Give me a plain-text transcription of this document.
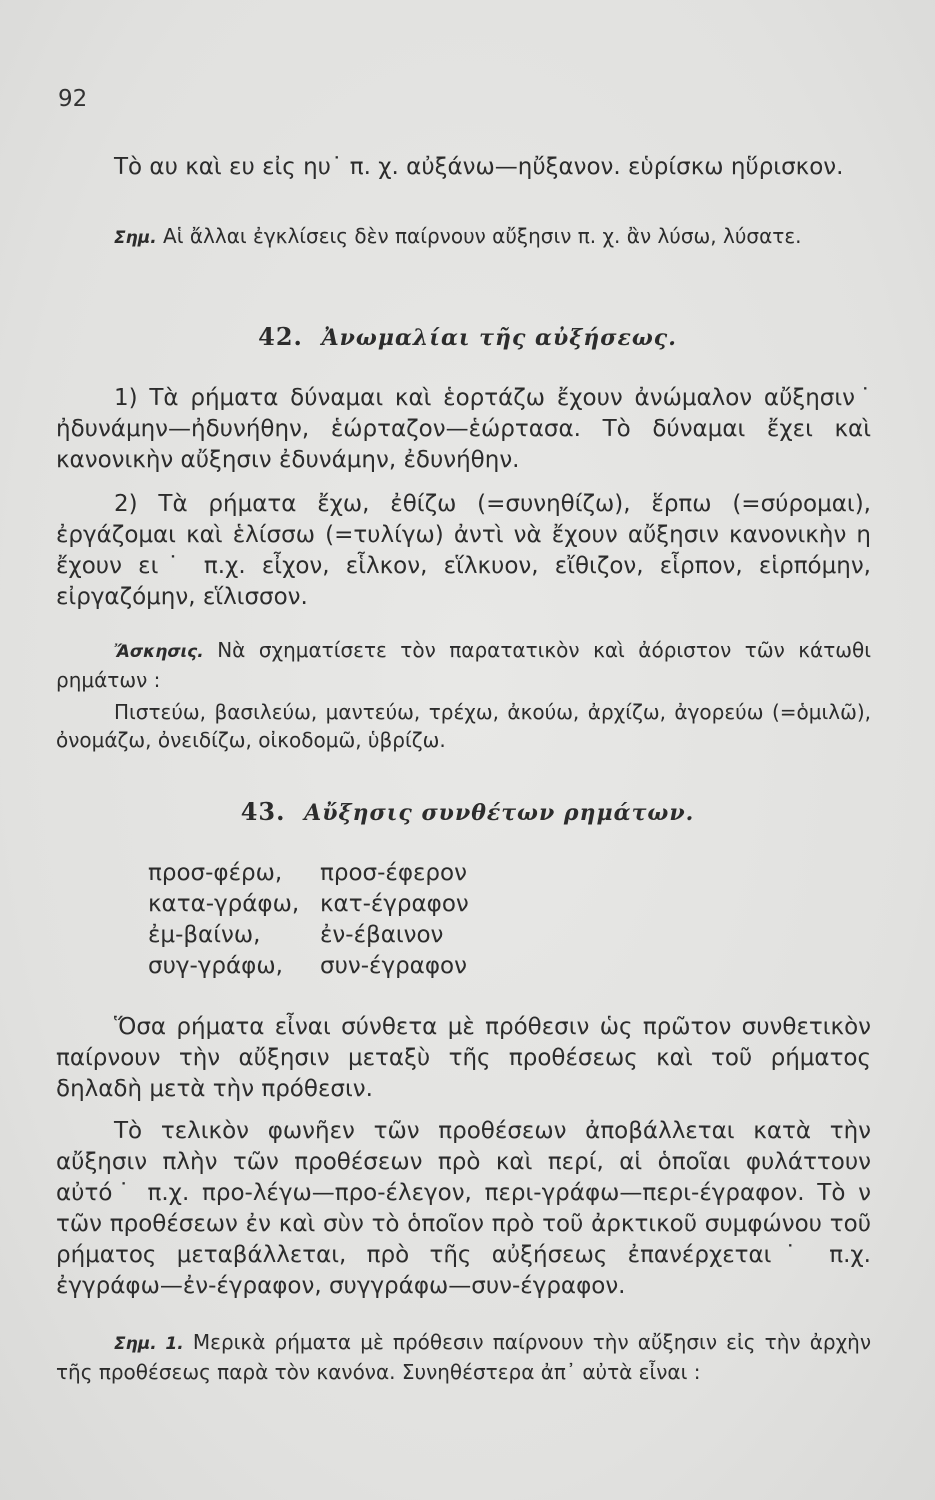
92

Τὸ αυ καὶ ευ εἰς ηυ˙ π. χ. αὐξάνω—ηὔξανον. εὑρίσκω ηὕρισκον.

Σημ. Αἱ ἄλλαι ἐγκλίσεις δὲν παίρνουν αὔξησιν π. χ. ἂν λύσω, λύσατε.

42. Ἀνωμαλίαι τῆς αὐξήσεως.

1) Τὰ ρήματα δύναμαι καὶ ἑορτάζω ἔχουν ἀνώμαλον αὔξησιν˙ ἠδυνάμην—ἠδυνήθην, ἑώρταζον—ἑώρτασα. Τὸ δύναμαι ἔχει καὶ κανονικὴν αὔξησιν ἐδυνάμην, ἐδυνήθην.

2) Τὰ ρήματα ἔχω, ἐθίζω (=συνηθίζω), ἕρπω (=σύρομαι), ἐργάζομαι καὶ ἑλίσσω (=τυλίγω) ἀντὶ νὰ ἔχουν αὔξησιν κανονικὴν η ἔχουν ει˙ π.χ. εἶχον, εἷλκον, εἵλκυον, εἴθιζον, εἷρπον, εἱρπόμην, εἰργαζόμην, εἵλισσον.

Ἄσκησις. Νὰ σχηματίσετε τὸν παρατατικὸν καὶ ἀόριστον τῶν κάτωθι ρημάτων :

Πιστεύω, βασιλεύω, μαντεύω, τρέχω, ἀκούω, ἀρχίζω, ἀγορεύω (=ὁμιλῶ), ὀνομάζω, ὀνειδίζω, οἰκοδομῶ, ὑβρίζω.

43. Αὔξησις συνθέτων ρημάτων.
προσ-φέρω,	προσ-έφερον
κατα-γράφω, κατ-έγραφον
ἐμ-βαίνω,	ἐν-έβαινον
συγ-γράφω,	συν-έγραφον

Ὅσα ρήματα εἶναι σύνθετα μὲ πρόθεσιν ὡς πρῶτον συνθετικὸν παίρνουν τὴν αὔξησιν μεταξὺ τῆς προθέσεως καὶ τοῦ ρήματος δηλαδὴ μετὰ τὴν πρόθεσιν.

Τὸ τελικὸν φωνῆεν τῶν προθέσεων ἀποβάλλεται κατὰ τὴν αὔξησιν πλὴν τῶν προθέσεων πρὸ καὶ περί, αἱ ὁποῖαι φυλάττουν αὐτό˙ π.χ. προ-λέγω—προ-έλεγον, περι-γράφω—περι-έγραφον. Τὸ ν τῶν προθέσεων ἐν καὶ σὺν τὸ ὁποῖον πρὸ τοῦ ἀρκτικοῦ συμφώνου τοῦ ρήματος μεταβάλλεται, πρὸ τῆς αὐξήσεως ἐπανέρχεται˙ π.χ. ἐγγράφω—ἐν-έγραφον, συγγράφω—συν-έγραφον.

Σημ. 1. Μερικὰ ρήματα μὲ πρόθεσιν παίρνουν τὴν αὔξησιν εἰς τὴν ἀρχὴν τῆς προθέσεως παρὰ τὸν κανόνα. Συνηθέστερα ἀπ᾽ αὐτὰ εἶναι :
